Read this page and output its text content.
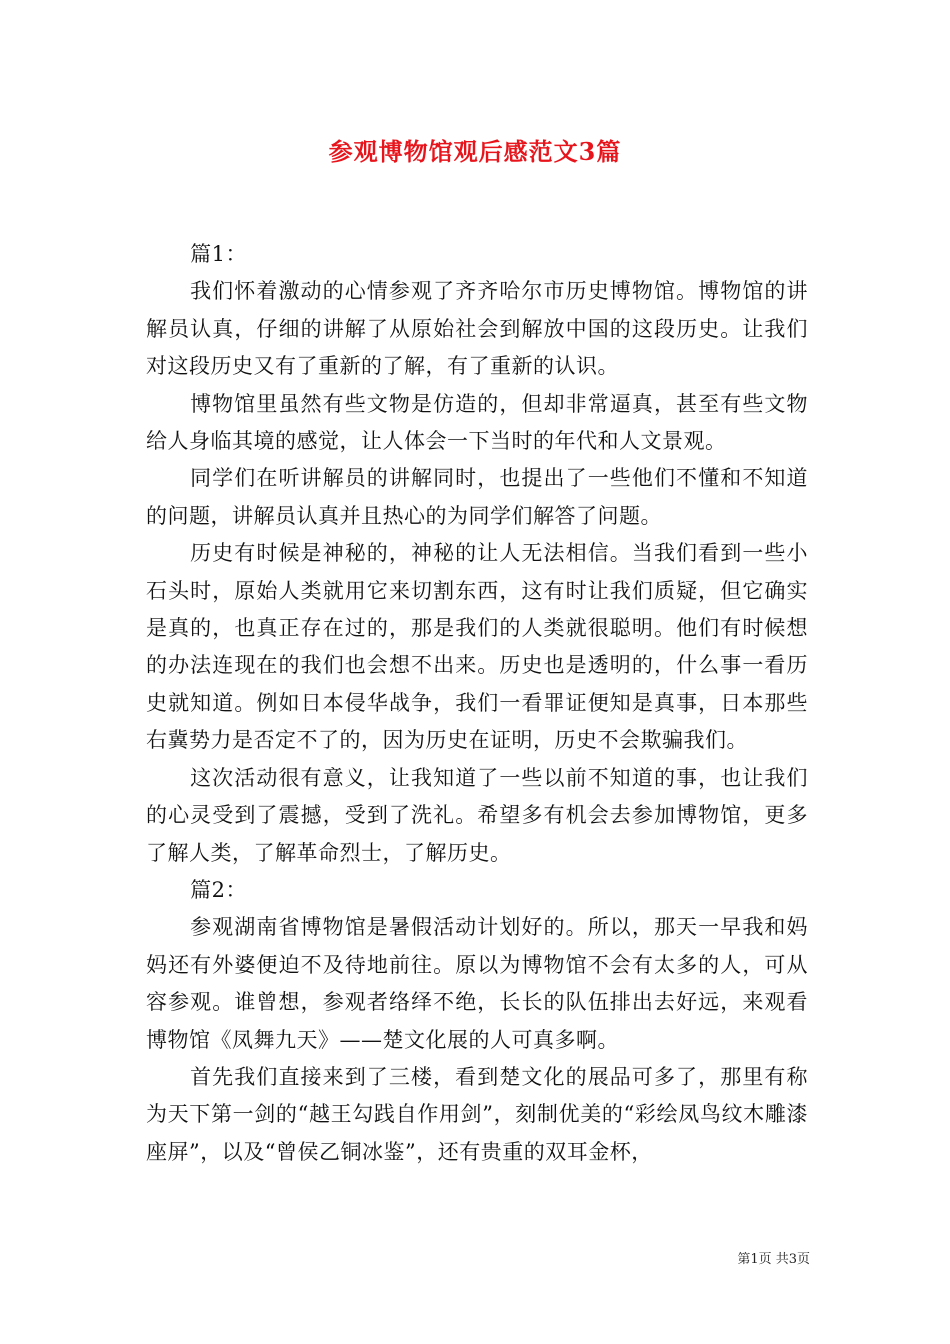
参观博物馆观后感范文3篇

篇1：

我们怀着激动的心情参观了齐齐哈尔市历史博物馆。博物馆的讲解员认真，仔细的讲解了从原始社会到解放中国的这段历史。让我们对这段历史又有了重新的了解，有了重新的认识。

博物馆里虽然有些文物是仿造的，但却非常逼真，甚至有些文物给人身临其境的感觉，让人体会一下当时的年代和人文景观。

同学们在听讲解员的讲解同时，也提出了一些他们不懂和不知道的问题，讲解员认真并且热心的为同学们解答了问题。

历史有时候是神秘的，神秘的让人无法相信。当我们看到一些小石头时，原始人类就用它来切割东西，这有时让我们质疑，但它确实是真的，也真正存在过的，那是我们的人类就很聪明。他们有时候想的办法连现在的我们也会想不出来。历史也是透明的，什么事一看历史就知道。例如日本侵华战争，我们一看罪证便知是真事，日本那些右冀势力是否定不了的，因为历史在证明，历史不会欺骗我们。

这次活动很有意义，让我知道了一些以前不知道的事，也让我们的心灵受到了震撼，受到了洗礼。希望多有机会去参加博物馆，更多了解人类，了解革命烈士，了解历史。

篇2：

参观湖南省博物馆是暑假活动计划好的。所以，那天一早我和妈妈还有外婆便迫不及待地前往。原以为博物馆不会有太多的人，可从容参观。谁曾想，参观者络绎不绝，长长的队伍排出去好远，来观看博物馆《凤舞九天》——楚文化展的人可真多啊。

首先我们直接来到了三楼，看到楚文化的展品可多了，那里有称为天下第一剑的“越王勾践自作用剑”，刻制优美的“彩绘凤鸟纹木雕漆座屏”，以及“曾侯乙铜冰鉴”，还有贵重的双耳金杯，

第1页 共3页
